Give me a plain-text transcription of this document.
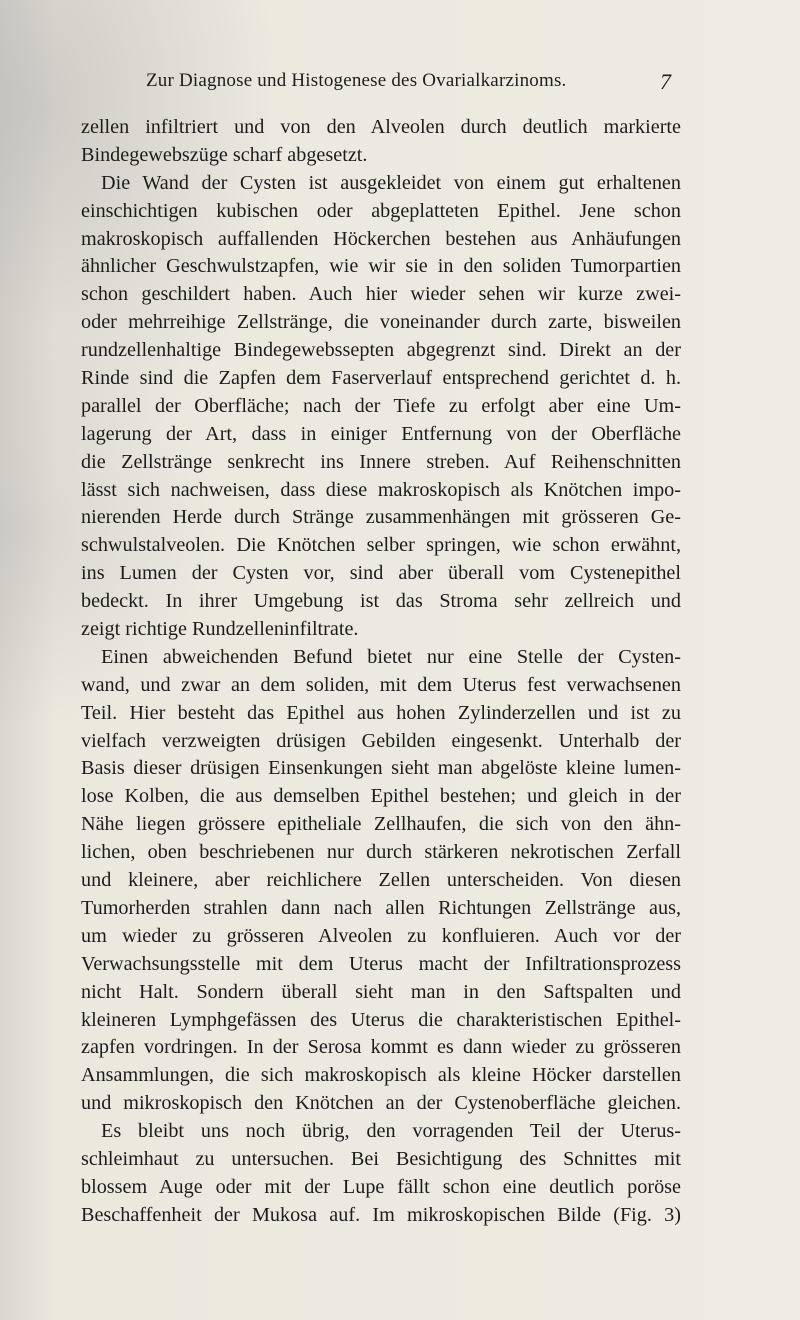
Zur Diagnose und Histogenese des Ovarialkarzinoms.	7
zellen infiltriert und von den Alveolen durch deutlich markierte
Bindegewebszüge scharf abgesetzt.
Die Wand der Cysten ist ausgekleidet von einem gut erhaltenen
einschichtigen kubischen oder abgeplatteten Epithel. Jene schon
makroskopisch auffallenden Höckerchen bestehen aus Anhäufungen
ähnlicher Geschwulstzapfen, wie wir sie in den soliden Tumorpartien
schon geschildert haben. Auch hier wieder sehen wir kurze zwei-
oder mehrreihige Zellstränge, die voneinander durch zarte, bisweilen
rundzellenhaltige Bindegewebssepten abgegrenzt sind. Direkt an der
Rinde sind die Zapfen dem Faserverlauf entsprechend gerichtet d. h.
parallel der Oberfläche; nach der Tiefe zu erfolgt aber eine Um-
lagerung der Art, dass in einiger Entfernung von der Oberfläche
die Zellstränge senkrecht ins Innere streben. Auf Reihenschnitten
lässt sich nachweisen, dass diese makroskopisch als Knötchen impo-
nierenden Herde durch Stränge zusammenhängen mit grösseren Ge-
schwulstalveolen. Die Knötchen selber springen, wie schon erwähnt,
ins Lumen der Cysten vor, sind aber überall vom Cystenepithel
bedeckt. In ihrer Umgebung ist das Stroma sehr zellreich und
zeigt richtige Rundzelleninfiltrate.
Einen abweichenden Befund bietet nur eine Stelle der Cysten-
wand, und zwar an dem soliden, mit dem Uterus fest verwachsenen
Teil. Hier besteht das Epithel aus hohen Zylinderzellen und ist zu
vielfach verzweigten drüsigen Gebilden eingesenkt. Unterhalb der
Basis dieser drüsigen Einsenkungen sieht man abgelöste kleine lumen-
lose Kolben, die aus demselben Epithel bestehen; und gleich in der
Nähe liegen grössere epitheliale Zellhaufen, die sich von den ähn-
lichen, oben beschriebenen nur durch stärkeren nekrotischen Zerfall
und kleinere, aber reichlichere Zellen unterscheiden. Von diesen
Tumorherden strahlen dann nach allen Richtungen Zellstränge aus,
um wieder zu grösseren Alveolen zu konfluieren. Auch vor der
Verwachsungsstelle mit dem Uterus macht der Infiltrationsprozess
nicht Halt. Sondern überall sieht man in den Saftspalten und
kleineren Lymphgefässen des Uterus die charakteristischen Epithel-
zapfen vordringen. In der Serosa kommt es dann wieder zu grösseren
Ansammlungen, die sich makroskopisch als kleine Höcker darstellen
und mikroskopisch den Knötchen an der Cystenoberfläche gleichen.
Es bleibt uns noch übrig, den vorragenden Teil der Uterus-
schleimhaut zu untersuchen. Bei Besichtigung des Schnittes mit
blossem Auge oder mit der Lupe fällt schon eine deutlich poröse
Beschaffenheit der Mukosa auf. Im mikroskopischen Bilde (Fig. 3)
